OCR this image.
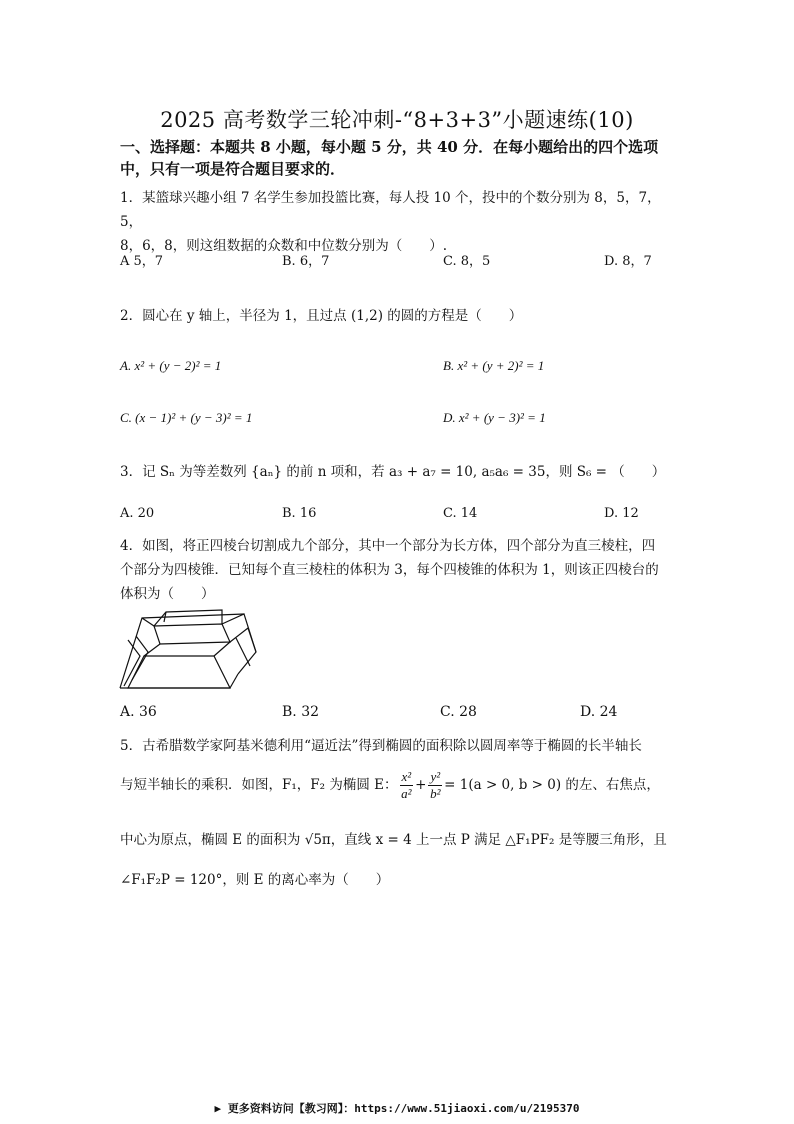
2025 高考数学三轮冲刺-“8+3+3”小题速练(10)
一、选择题：本题共 8 小题，每小题 5 分，共 40 分．在每小题给出的四个选项
中，只有一项是符合题目要求的．
1．某篮球兴趣小组 7 名学生参加投篮比赛，每人投 10 个，投中的个数分别为 8，5，7，5，
8，6，8，则这组数据的众数和中位数分别为（　　）.
A 5，7	B. 6，7	C. 8，5	D. 8，7
2．圆心在 y 轴上，半径为 1，且过点 (1,2) 的圆的方程是（　　）
A. x² + (y − 2)² = 1	B. x² + (y + 2)² = 1
C. (x − 1)² + (y − 3)² = 1	D. x² + (y − 3)² = 1
3．记 Sₙ 为等差数列 {aₙ} 的前 n 项和，若 a₃ + a₇ = 10, a₅a₆ = 35，则 S₆ = （　　）
A. 20	B. 16	C. 14	D. 12
4．如图，将正四棱台切割成九个部分，其中一个部分为长方体，四个部分为直三棱柱，四
个部分为四棱锥．已知每个直三棱柱的体积为 3，每个四棱锥的体积为 1，则该正四棱台的
体积为（　　）
A. 36	B. 32	C. 28	D. 24
5．古希腊数学家阿基米德利用“逼近法”得到椭圆的面积除以圆周率等于椭圆的长半轴长
与短半轴长的乘积．如图，F₁，F₂ 为椭圆 E： $\frac{\text{x²}}{\text{a²}} + \frac{\text{y²}}{\text{b²}} = 1(a > 0$, b > 0) 的左、右焦点，
中心为原点，椭圆 E 的面积为 √5π，直线 x = 4 上一点 P 满足 △F₁PF₂ 是等腰三角形，且
∠F₁F₂P = 120°，则 E 的离心率为（　　）
▶ 更多资料访问【教习网】：https://www.51jiaoxi.com/u/2195370
